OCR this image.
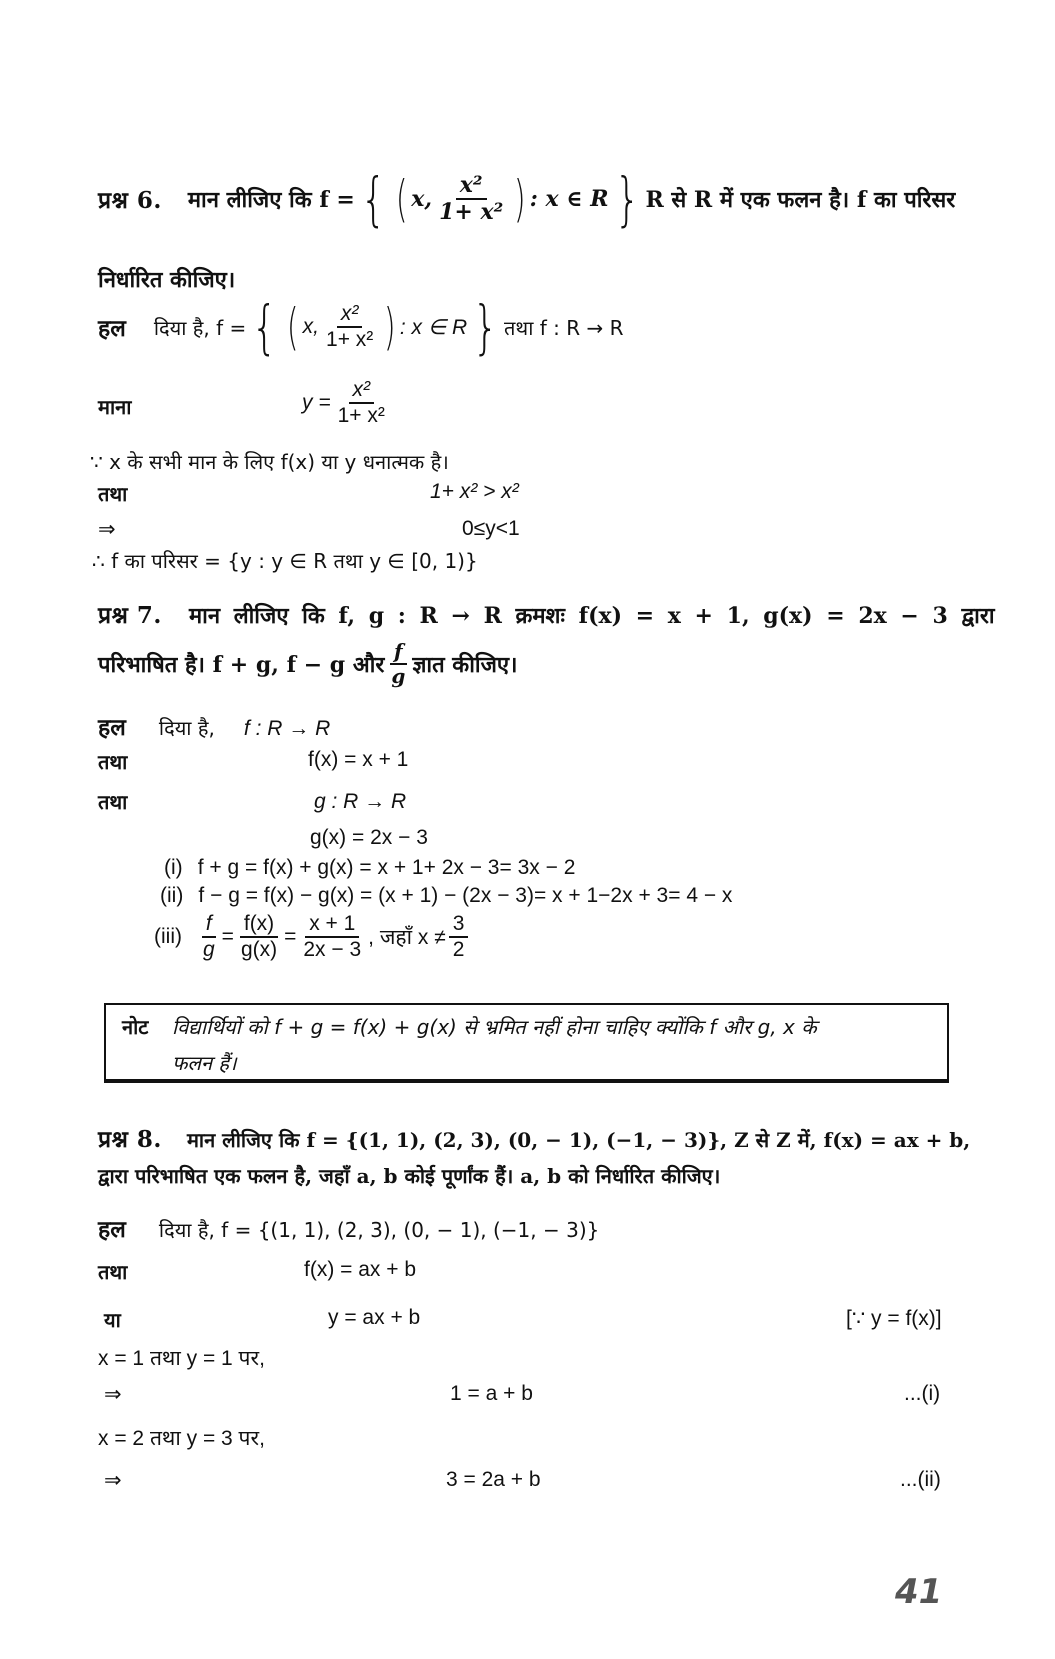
प्रश्न 6. मान लीजिए कि f = { ( x, $\frac{\text{x²}}{\text{1+ x²}}$ ) : x ∈ R } R से R में एक फलन है। f का परिसर
निर्धारित कीजिए।
हल दिया है, f = { ( x, $\frac{\text{x²}}{\text{1+ x²}}$ ) : x ∈ R } तथा f : R → R
माना	$y = \frac{\text{x²}}{\text{1+ x²}}$
∵ x के सभी मान के लिए f(x) या y धनात्मक है।
तथा	1+ x² > x²
⇒	0≤y<1
∴ f का परिसर = {y : y ∈ R तथा y ∈ [0, 1)}
प्रश्न 7. मान लीजिए कि f, g : R → R क्रमशः f(x) = x + 1, g(x) = 2x − 3 द्वारा
परिभाषित है। f + g, f − g और $\frac{f}{g}$ ज्ञात कीजिए।
हल दिया है, f : R → R
तथा	f(x) = x + 1
तथा	g : R → R
g(x) = 2x − 3
(i) f + g = f(x) + g(x) = x + 1+ 2x − 3= 3x − 2
(ii) f − g = f(x) − g(x) = (x + 1) − (2x − 3)= x + 1−2x + 3= 4 − x
$(iii) \frac{f}{g} = \frac{f(x)}{g(x)} = \frac{x + 1}{2x - 3}$ , जहाँ $x \ne \frac{3}{2}$
नोट विद्यार्थियों को f + g = f(x) + g(x) से भ्रमित नहीं होना चाहिए क्योंकि f और g, x के
फलन हैं।
प्रश्न 8. मान लीजिए कि f = {(1, 1), (2, 3), (0, − 1), (−1, − 3)}, Z से Z में, f(x) = ax + b,
द्वारा परिभाषित एक फलन है, जहाँ a, b कोई पूर्णांक हैं। a, b को निर्धारित कीजिए।
हल दिया है, f = {(1, 1), (2, 3), (0, − 1), (−1, − 3)}
तथा	f(x) = ax + b
या	y = ax + b	[∵ y = f(x)]
x = 1 तथा y = 1 पर,
⇒	1 = a + b	...(i)
x = 2 तथा y = 3 पर,
⇒	3 = 2a + b	...(ii)
41
